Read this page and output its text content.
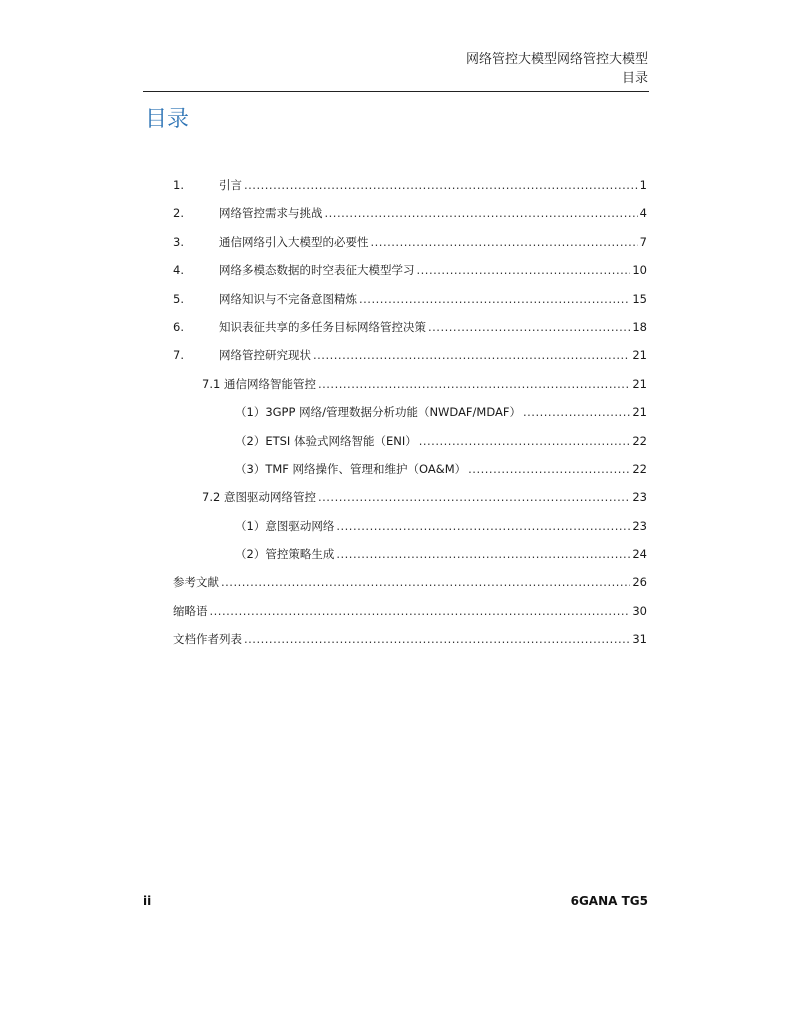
网络管控大模型网络管控大模型
目录
目录
1.	引言 .....	1
2.	网络管控需求与挑战 .....	4
3.	通信网络引入大模型的必要性 .....	7
4.	网络多模态数据的时空表征大模型学习 .....	10
5.	网络知识与不完备意图精炼 .....	15
6.	知识表征共享的多任务目标网络管控决策 .....	18
7.	网络管控研究现状 .....	21
7.1 通信网络智能管控 .....	21
（1）3GPP 网络/管理数据分析功能（NWDAF/MDAF） .....	21
（2）ETSI 体验式网络智能（ENI） .....	22
（3）TMF 网络操作、管理和维护（OA&M） .....	22
7.2 意图驱动网络管控 .....	23
（1）意图驱动网络 .....	23
（2）管控策略生成 .....	24
参考文献 .....	26
缩略语 .....	30
文档作者列表 .....	31
ii	6GANA TG5
